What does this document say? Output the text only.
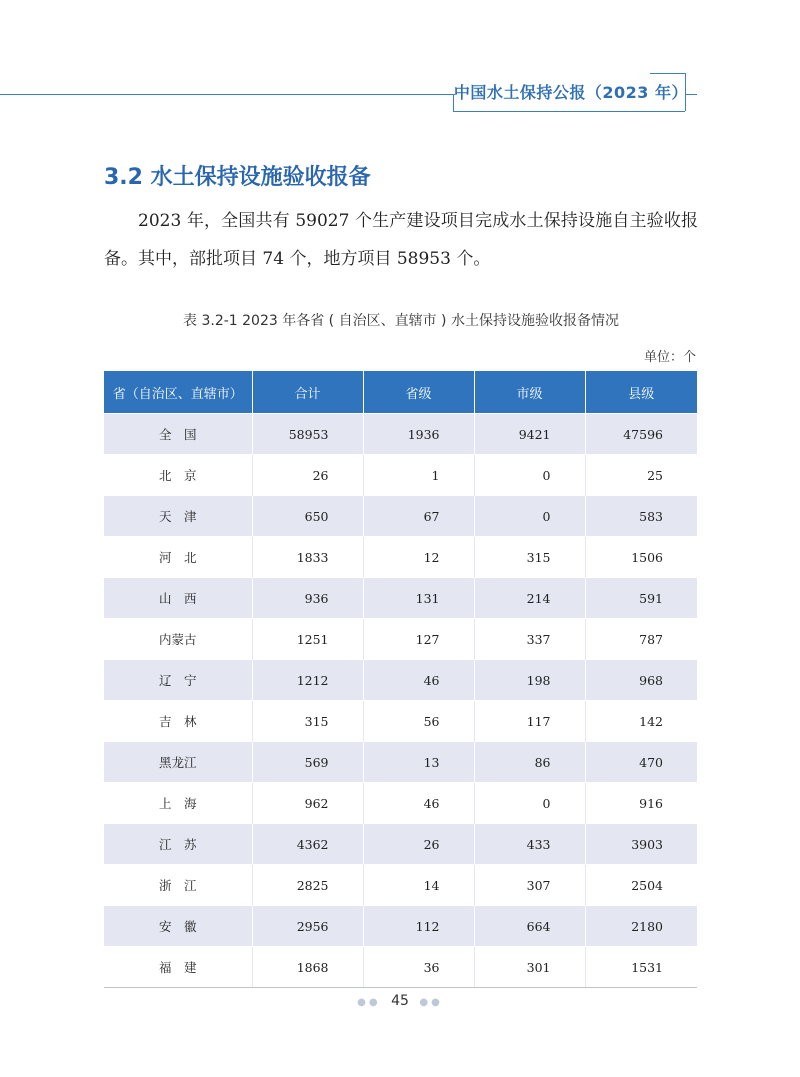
中国水土保持公报（2023 年）
3.2 水土保持设施验收报备
2023 年，全国共有 59027 个生产建设项目完成水土保持设施自主验收报备。其中，部批项目 74 个，地方项目 58953 个。
表 3.2-1 2023 年各省 ( 自治区、直辖市 ) 水土保持设施验收报备情况
单位：个
省（自治区、直辖市）	合计	省级	市级	县级
全　国	58953	1936	9421	47596
北　京	26	1	0	25
天　津	650	67	0	583
河　北	1833	12	315	1506
山　西	936	131	214	591
内蒙古	1251	127	337	787
辽　宁	1212	46	198	968
吉　林	315	56	117	142
黑龙江	569	13	86	470
上　海	962	46	0	916
江　苏	4362	26	433	3903
浙　江	2825	14	307	2504
安　徽	2956	112	664	2180
福　建	1868	36	301	1531
●● 45 ●●
